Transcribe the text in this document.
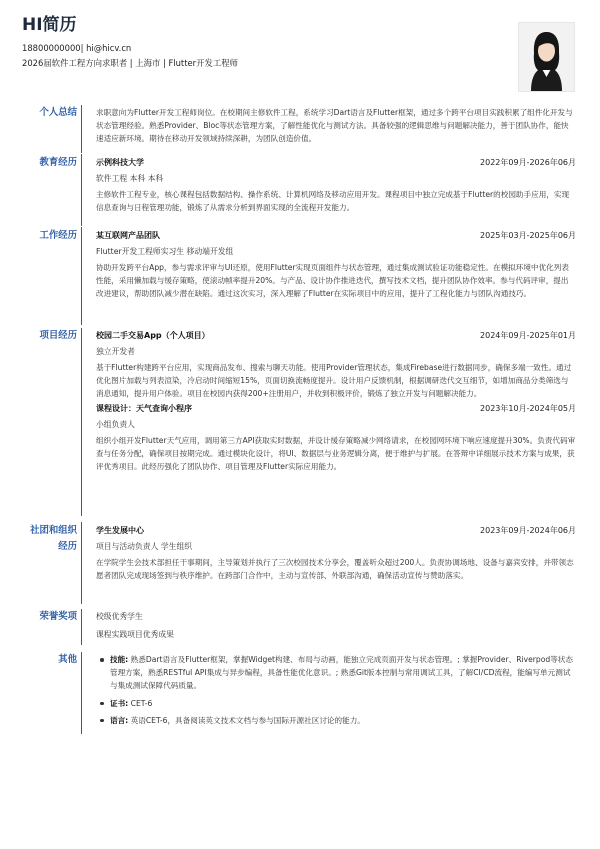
HI简历
18800000000| hi@hicv.cn
2026届软件工程方向求职者 | 上海市 | Flutter开发工程师
个人总结	求职意向为Flutter开发工程师岗位。在校期间主修软件工程，系统学习Dart语言及Flutter框架，通过多个跨平台项目实践积累了组件化开发与状态管理经验。熟悉Provider、Bloc等状态管理方案，了解性能优化与测试方法。具备较强的逻辑思维与问题解决能力，善于团队协作，能快速适应新环境。期待在移动开发领域持续深耕，为团队创造价值。

教育经历 示例科技大学	2022年09月-2026年06月
软件工程 本科 本科

主修软件工程专业，核心课程包括数据结构、操作系统、计算机网络及移动应用开发。课程项目中独立完成基于Flutter的校园助手应用，实现信息查询与日程管理功能，锻炼了从需求分析到界面实现的全流程开发能力。

工作经历 某互联网产品团队	2025年03月-2025年06月
Flutter开发工程师实习生 移动端开发组

协助开发跨平台App，参与需求评审与UI还原，使用Flutter实现页面组件与状态管理，通过集成测试验证功能稳定性。在模拟环境中优化列表性能，采用懒加载与缓存策略，使滚动帧率提升20%。与产品、设计协作推进迭代，撰写技术文档，提升团队协作效率。参与代码评审，提出改进建议，帮助团队减少潜在缺陷。通过这次实习，深入理解了Flutter在实际项目中的应用，提升了工程化能力与团队沟通技巧。

项目经历 校园二手交易App（个人项目）	2024年09月-2025年01月
独立开发者

基于Flutter构建跨平台应用，实现商品发布、搜索与聊天功能。使用Provider管理状态，集成Firebase进行数据同步，确保多端一致性。通过优化图片加载与列表渲染，冷启动时间缩短15%，页面切换流畅度提升。设计用户反馈机制，根据调研迭代交互细节，如增加商品分类筛选与消息通知，提升用户体验。项目在校园内获得200+注册用户，并收到积极评价，锻炼了独立开发与问题解决能力。

课程设计：天气查询小程序	2023年10月-2024年05月
小组负责人

组织小组开发Flutter天气应用，调用第三方API获取实时数据，并设计缓存策略减少网络请求，在校园网环境下响应速度提升30%。负责代码审查与任务分配，确保项目按期完成。通过模块化设计，将UI、数据层与业务逻辑分离，便于维护与扩展。在答辩中详细展示技术方案与成果，获评优秀项目。此经历强化了团队协作、项目管理及Flutter实际应用能力。

社团和组织
经历
学生发展中心	2023年09月-2024年06月
项目与活动负责人 学生组织

在学院学生会技术部担任干事期间，主导策划并执行了三次校园技术分享会，覆盖听众超过200人。负责协调场地、设备与嘉宾安排，并带领志愿者团队完成现场签到与秩序维护。在跨部门合作中，主动与宣传部、外联部沟通，确保活动宣传与赞助落实。

荣誉奖项 校级优秀学生
课程实践项目优秀成果
其他	技能: 熟悉Dart语言及Flutter框架，掌握Widget构建、布局与动画，能独立完成页面开发与状态管理。; 掌握Provider、Riverpod等状态管理方案，熟悉RESTful API集成与异步编程，具备性能优化意识。; 熟悉Git版本控制与常用调试工具，了解CI/CD流程，能编写单元测试与集成测试保障代码质量。
证书: CET-6
语言: 英语CET-6，具备阅读英文技术文档与参与国际开源社区讨论的能力。
